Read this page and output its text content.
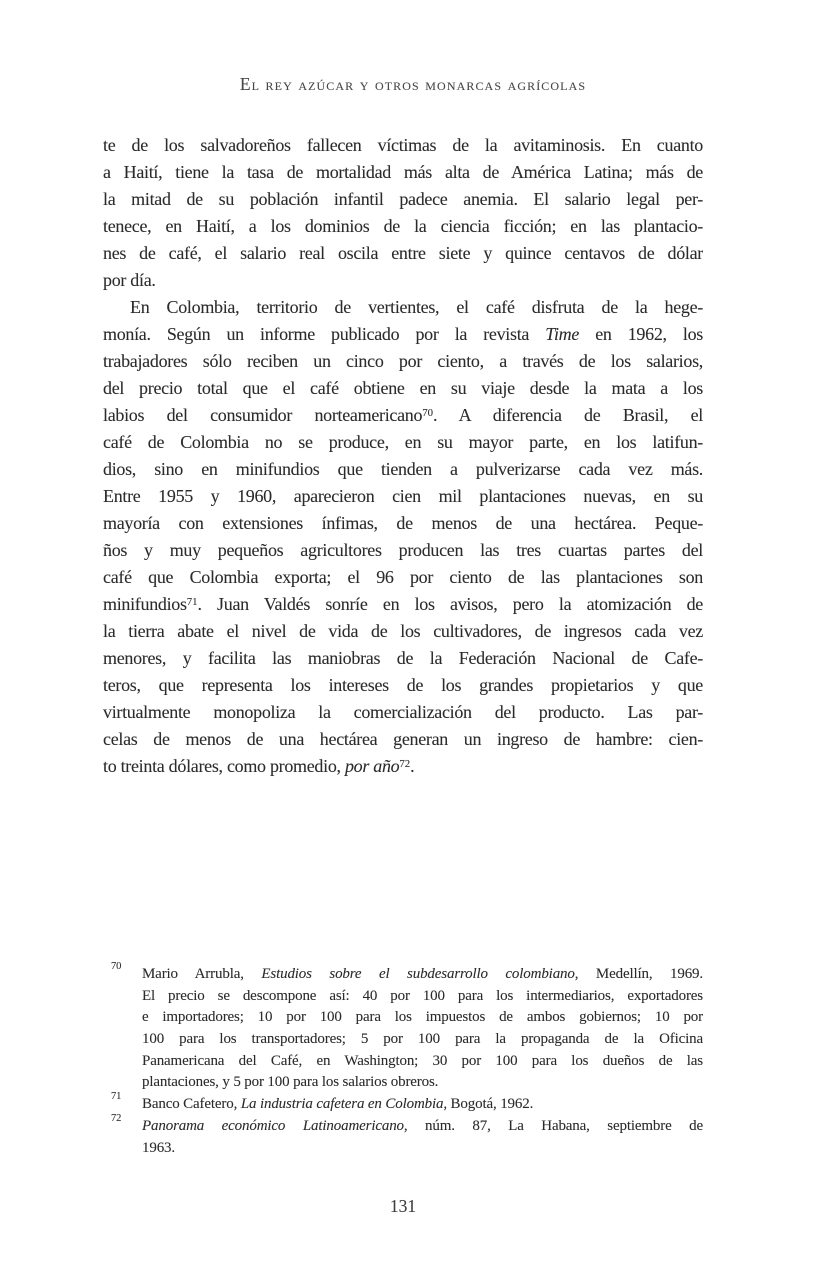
El rey azúcar y otros monarcas agrícolas
te de los salvadoreños fallecen víctimas de la avitaminosis. En cuanto
a Haití, tiene la tasa de mortalidad más alta de América Latina; más de
la mitad de su población infantil padece anemia. El salario legal per-
tenece, en Haití, a los dominios de la ciencia ficción; en las plantacio-
nes de café, el salario real oscila entre siete y quince centavos de dólar
por día.
En Colombia, territorio de vertientes, el café disfruta de la hege-
monía. Según un informe publicado por la revista Time en 1962, los
trabajadores sólo reciben un cinco por ciento, a través de los salarios,
del precio total que el café obtiene en su viaje desde la mata a los
labios del consumidor norteamericano$^{70}$. A diferencia de Brasil, el
café de Colombia no se produce, en su mayor parte, en los latifun-
dios, sino en minifundios que tienden a pulverizarse cada vez más.
Entre 1955 y 1960, aparecieron cien mil plantaciones nuevas, en su
mayoría con extensiones ínfimas, de menos de una hectárea. Peque-
ños y muy pequeños agricultores producen las tres cuartas partes del
café que Colombia exporta; el 96 por ciento de las plantaciones son
minifundios$^{71}$. Juan Valdés sonríe en los avisos, pero la atomización de
la tierra abate el nivel de vida de los cultivadores, de ingresos cada vez
menores, y facilita las maniobras de la Federación Nacional de Cafe-
teros, que representa los intereses de los grandes propietarios y que
virtualmente monopoliza la comercialización del producto. Las par-
celas de menos de una hectárea generan un ingreso de hambre: cien-
to treinta dólares, como promedio, por año$^{72}$.
70 Mario Arrubla, Estudios sobre el subdesarrollo colombiano, Medellín, 1969.
El precio se descompone así: 40 por 100 para los intermediarios, exportadores
e importadores; 10 por 100 para los impuestos de ambos gobiernos; 10 por
100 para los transportadores; 5 por 100 para la propaganda de la Oficina
Panamericana del Café, en Washington; 30 por 100 para los dueños de las
plantaciones, y 5 por 100 para los salarios obreros.
71 Banco Cafetero, La industria cafetera en Colombia, Bogotá, 1962.
72 Panorama económico Latinoamericano, núm. 87, La Habana, septiembre de
1963.
131
